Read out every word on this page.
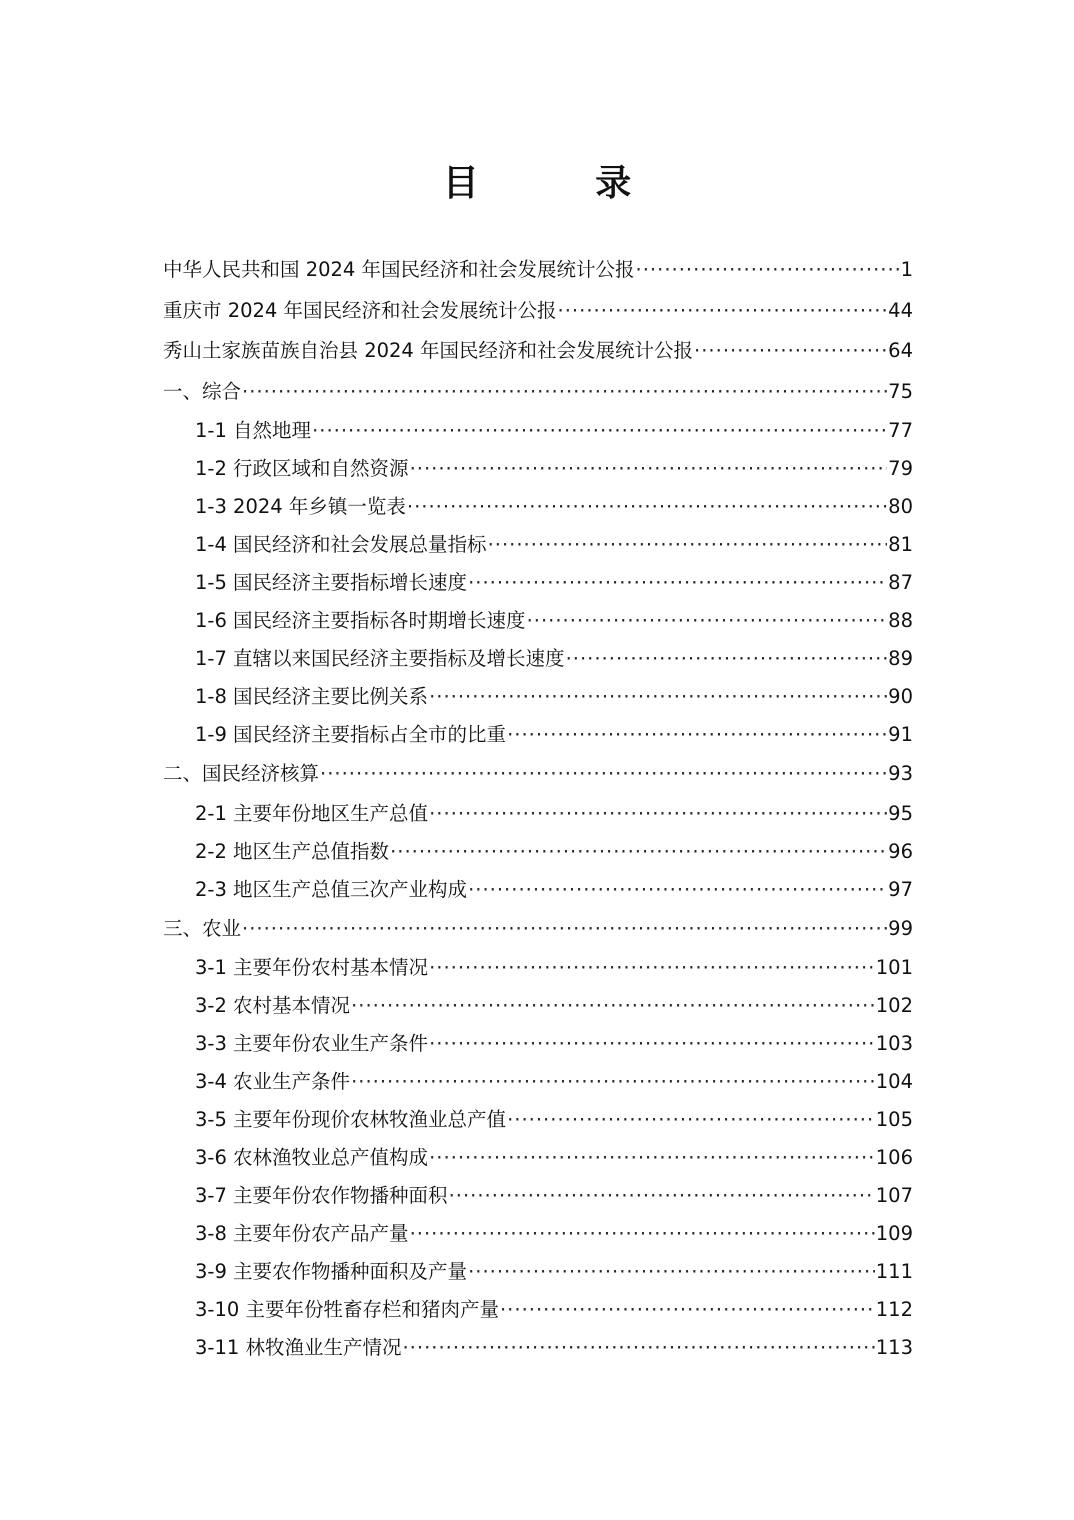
目 录
中华人民共和国 2024 年国民经济和社会发展统计公报 ·····	1
重庆市 2024 年国民经济和社会发展统计公报 ·····	44
秀山土家族苗族自治县 2024 年国民经济和社会发展统计公报 ·····	64
一、综合 ·····	75
1-1 自然地理 ·····	77
1-2 行政区域和自然资源 ·····	79
1-3 2024 年乡镇一览表 ·····	80
1-4 国民经济和社会发展总量指标 ·····	81
1-5 国民经济主要指标增长速度 ·····	87
1-6 国民经济主要指标各时期增长速度 ·····	88
1-7 直辖以来国民经济主要指标及增长速度 ·····	89
1-8 国民经济主要比例关系 ·····	90
1-9 国民经济主要指标占全市的比重 ·····	91
二、国民经济核算 ·····	93
2-1 主要年份地区生产总值 ·····	95
2-2 地区生产总值指数 ·····	96
2-3 地区生产总值三次产业构成 ·····	97
三、农业 ·····	99
3-1 主要年份农村基本情况 ·····	101
3-2 农村基本情况 ·····	102
3-3 主要年份农业生产条件 ·····	103
3-4 农业生产条件 ·····	104
3-5 主要年份现价农林牧渔业总产值 ·····	105
3-6 农林渔牧业总产值构成 ·····	106
3-7 主要年份农作物播种面积 ·····	107
3-8 主要年份农产品产量 ·····	109
3-9 主要农作物播种面积及产量 ·····	111
3-10 主要年份牲畜存栏和猪肉产量 ·····	112
3-11 林牧渔业生产情况 ·····	113
